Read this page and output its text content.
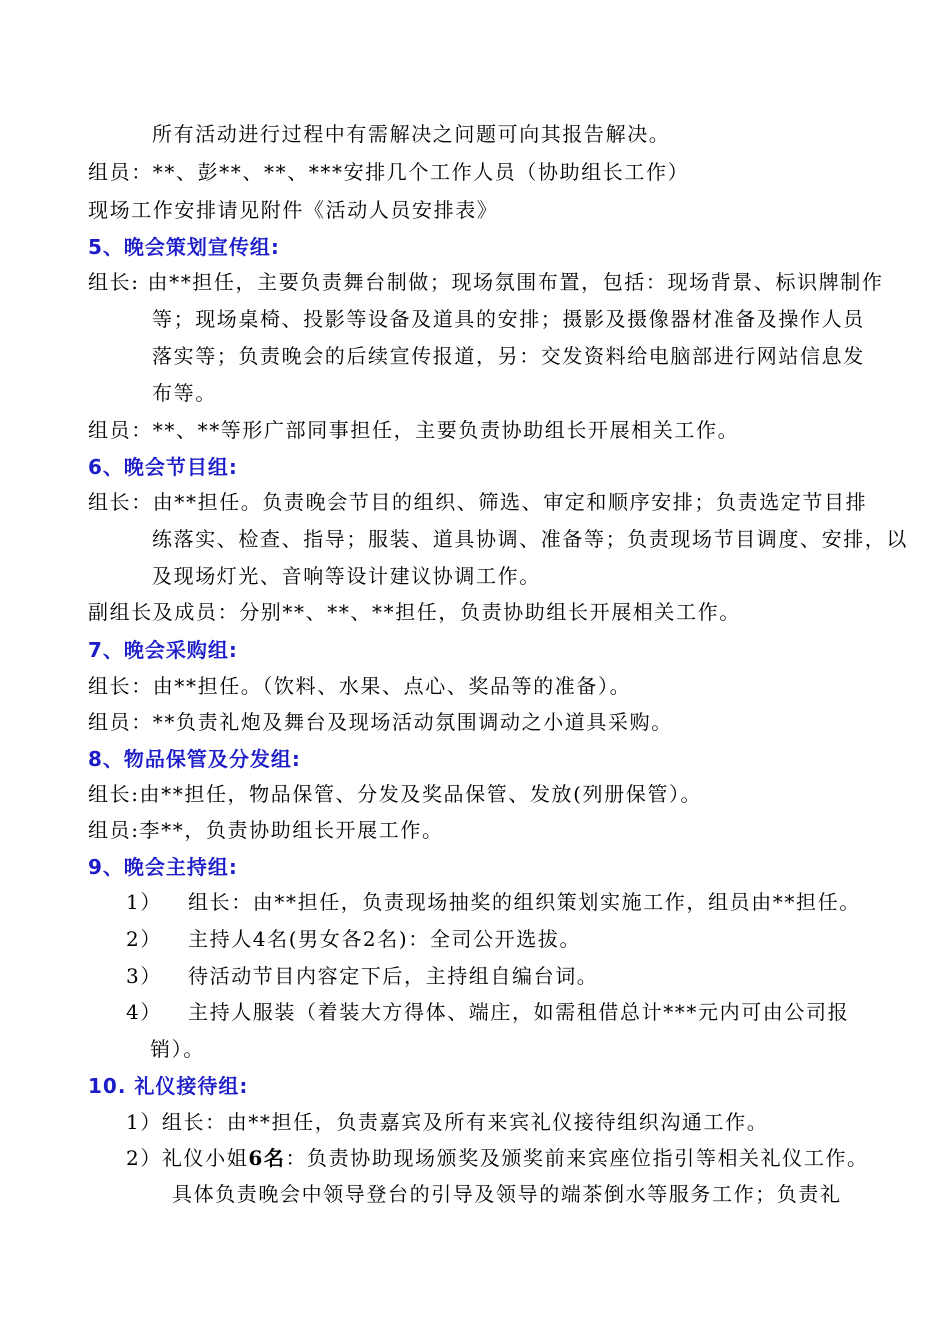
所有活动进行过程中有需解决之问题可向其报告解决。
组员：**、彭**、**、***安排几个工作人员（协助组长工作）
现场工作安排请见附件《活动人员安排表》
5、晚会策划宣传组:
组长: 由**担任，主要负责舞台制做；现场氛围布置，包括：现场背景、标识牌制作
等；现场桌椅、投影等设备及道具的安排；摄影及摄像器材准备及操作人员
落实等；负责晚会的后续宣传报道，另：交发资料给电脑部进行网站信息发
布等。
组员：**、**等形广部同事担任，主要负责协助组长开展相关工作。
6、晚会节目组:
组长：由**担任。负责晚会节目的组织、筛选、审定和顺序安排；负责选定节目排
练落实、检查、指导；服装、道具协调、准备等；负责现场节目调度、安排，以
及现场灯光、音响等设计建议协调工作。
副组长及成员：分别**、**、**担任，负责协助组长开展相关工作。
7、晚会采购组:
组长：由**担任。（饮料、水果、点心、奖品等的准备）。
组员：**负责礼炮及舞台及现场活动氛围调动之小道具采购。
8、物品保管及分发组:
组长:由**担任，物品保管、分发及奖品保管、发放(列册保管）。
组员:李**，负责协助组长开展工作。
9、晚会主持组:
1） 组长：由**担任，负责现场抽奖的组织策划实施工作，组员由**担任。
2） 主持人4名(男女各2名)：全司公开选拔。
3） 待活动节目内容定下后，主持组自编台词。
4） 主持人服装（着装大方得体、端庄，如需租借总计***元内可由公司报
销）。
10. 礼仪接待组:
1）组长：由**担任，负责嘉宾及所有来宾礼仪接待组织沟通工作。
2）礼仪小姐6名：负责协助现场颁奖及颁奖前来宾座位指引等相关礼仪工作。
具体负责晚会中领导登台的引导及领导的端茶倒水等服务工作；负责礼
